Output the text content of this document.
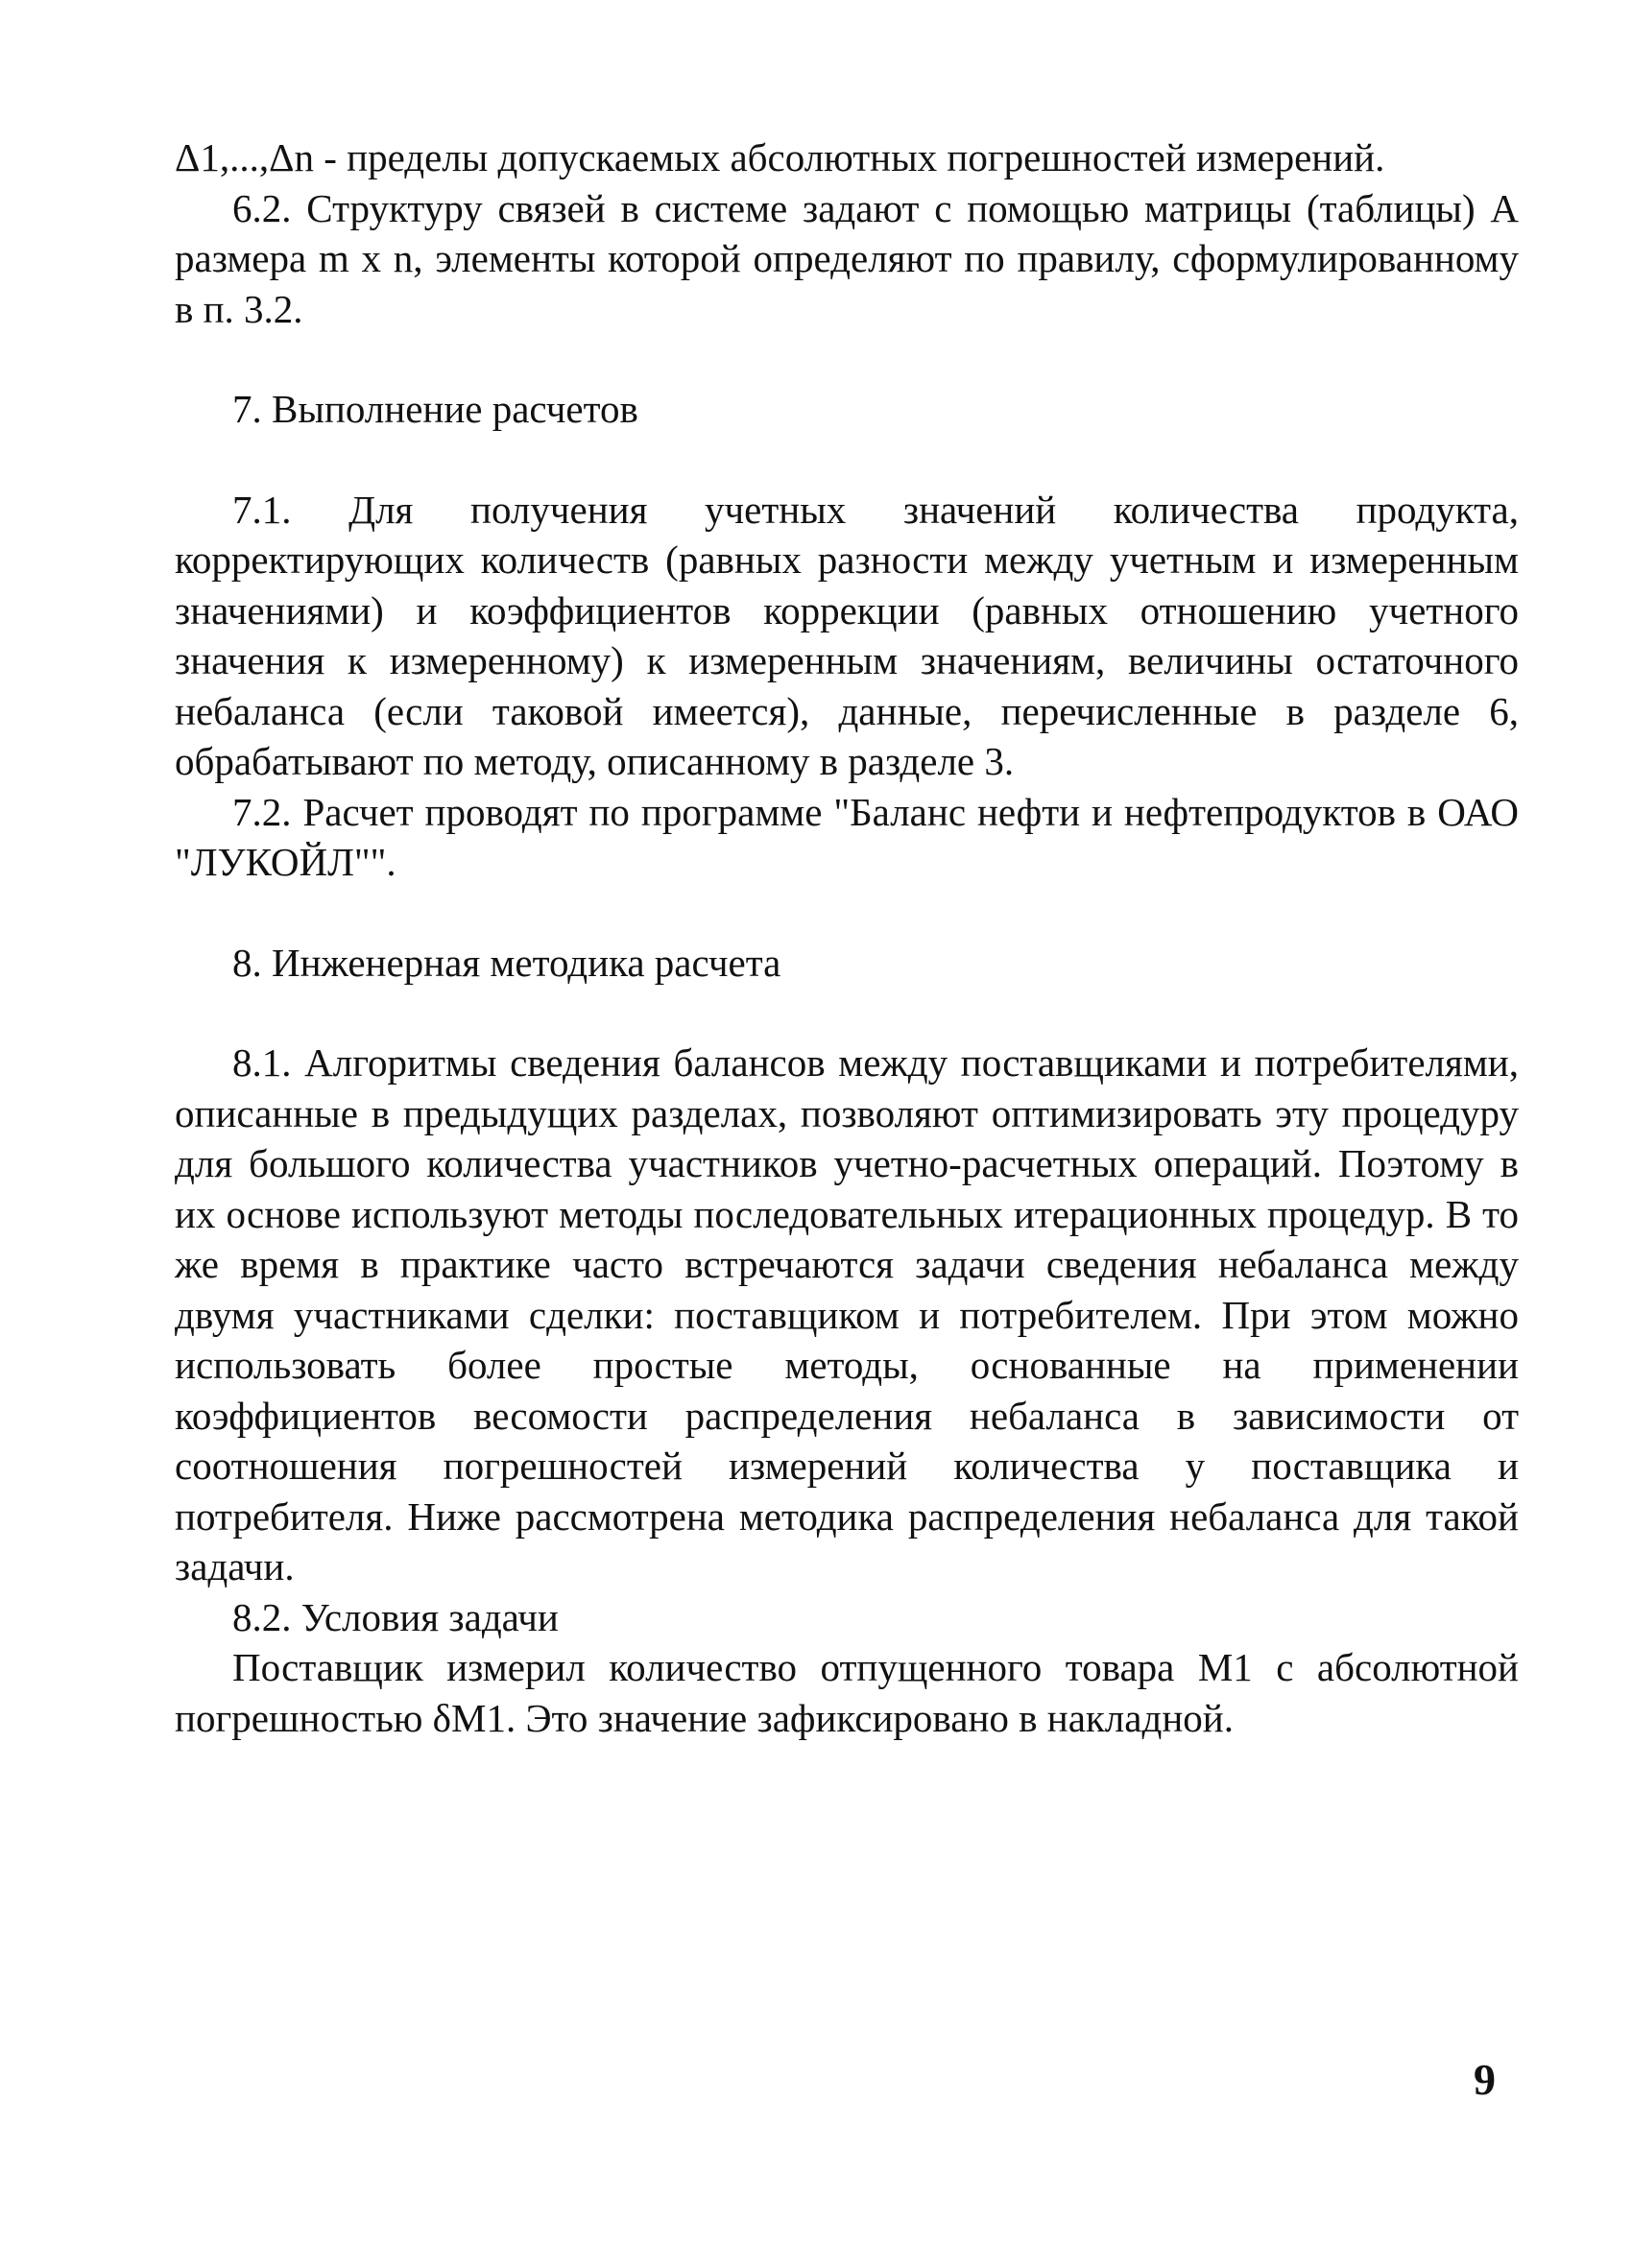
Δ1,...,Δn - пределы допускаемых абсолютных погрешностей измерений.

6.2. Структуру связей в системе задают с помощью матрицы (таблицы) А размера m x n, элементы которой определяют по правилу, сформулированному в п. 3.2.

7. Выполнение расчетов

7.1. Для получения учетных значений количества продукта, корректирующих количеств (равных разности между учетным и измеренным значениями) и коэффициентов коррекции (равных отношению учетного значения к измеренному) к измеренным значениям, величины остаточного небаланса (если таковой имеется), данные, перечисленные в разделе 6, обрабатывают по методу, описанному в разделе 3.

7.2. Расчет проводят по программе "Баланс нефти и нефтепродуктов в ОАО "ЛУКОЙЛ"".

8. Инженерная методика расчета

8.1. Алгоритмы сведения балансов между поставщиками и потребителями, описанные в предыдущих разделах, позволяют оптимизировать эту процедуру для большого количества участников учетно-расчетных операций. Поэтому в их основе используют методы последовательных итерационных процедур. В то же время в практике часто встречаются задачи сведения небаланса между двумя участниками сделки: поставщиком и потребителем. При этом можно использовать более простые методы, основанные на применении коэффициентов весомости распределения небаланса в зависимости от соотношения погрешностей измерений количества у поставщика и потребителя. Ниже рассмотрена методика распределения небаланса для такой задачи.

8.2. Условия задачи

Поставщик измерил количество отпущенного товара M1 с абсолютной погрешностью δM1. Это значение зафиксировано в накладной.

9
